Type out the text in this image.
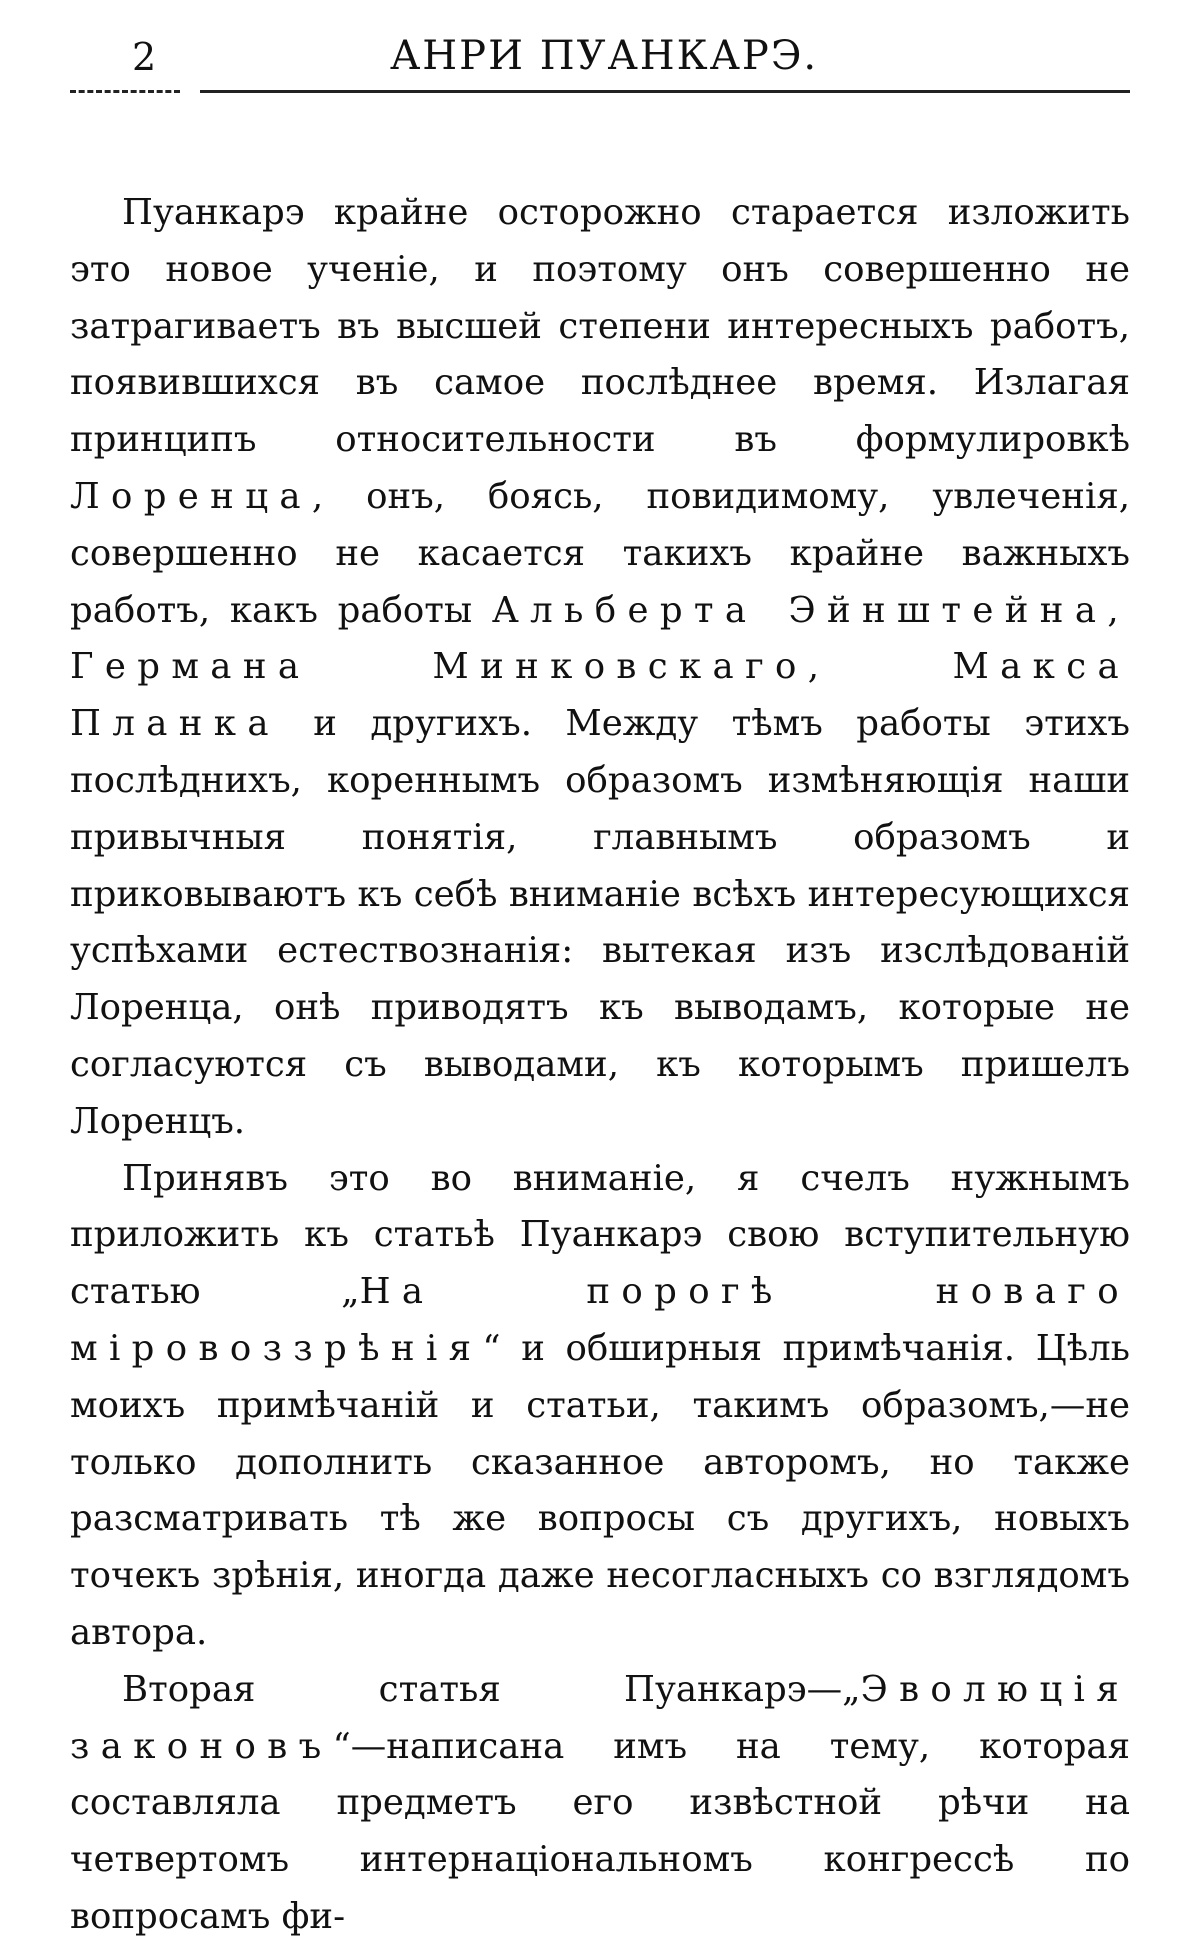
2	АНРИ ПУАНКАРЭ.

Пуанкарэ крайне осторожно старается изложить это новое ученіе, и поэтому онъ совершенно не затрагиваетъ въ высшей степени интересныхъ работъ, появившихся въ самое послѣднее время. Излагая принципъ относительности въ формулировкѣ Лоренца, онъ, боясь, повидимому, увлеченія, совершенно не касается такихъ крайне важныхъ работъ, какъ работы Альберта Эйнштейна, Германа Минковскаго, Макса Планка и другихъ. Между тѣмъ работы этихъ послѣднихъ, кореннымъ образомъ измѣняющія наши привычныя понятія, главнымъ образомъ и приковываютъ къ себѣ вниманіе всѣхъ интересующихся успѣхами естествознанія: вытекая изъ изслѣдованій Лоренца, онѣ приводятъ къ выводамъ, которые не согласуются съ выводами, къ которымъ пришелъ Лоренцъ.

Принявъ это во вниманіе, я счелъ нужнымъ приложить къ статьѣ Пуанкарэ свою вступительную статью „На порогѣ новаго міровоззрѣнія“ и обширныя примѣчанія. Цѣль моихъ примѣчаній и статьи, такимъ образомъ,—не только дополнить сказанное авторомъ, но также разсматривать тѣ же вопросы съ другихъ, новыхъ точекъ зрѣнія, иногда даже несогласныхъ со взглядомъ автора.

Вторая статья Пуанкарэ—„Эволюція законовъ“—написана имъ на тему, которая составляла предметъ его извѣстной рѣчи на четвертомъ интернаціональномъ конгрессѣ по вопросамъ фи-
